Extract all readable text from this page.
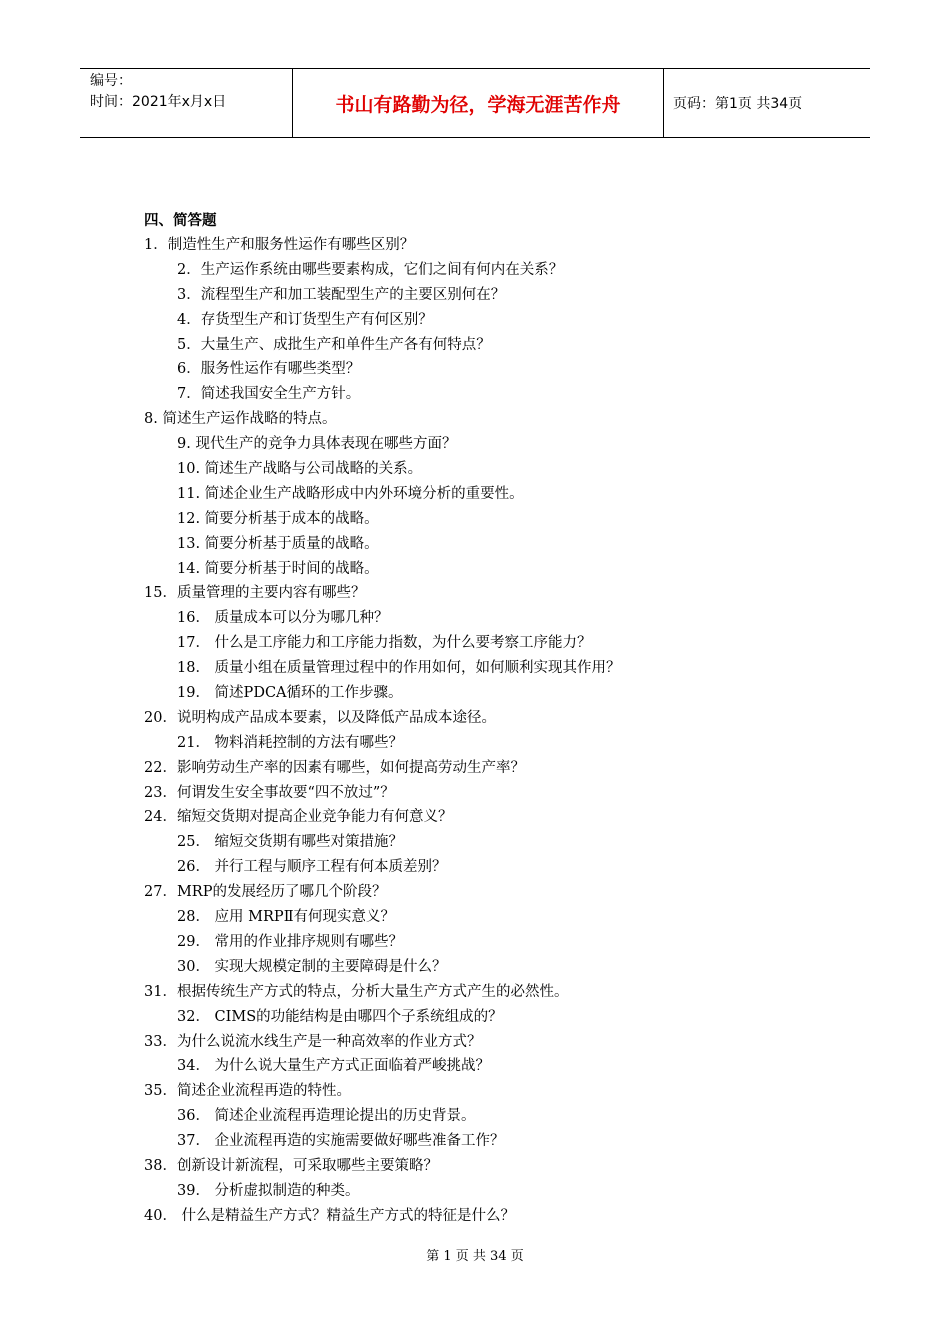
编号：
时间：2021年x月x日	书山有路勤为径，学海无涯苦作舟	页码：第1页 共34页
四、简答题
1．制造性生产和服务性运作有哪些区别？
2．生产运作系统由哪些要素构成，它们之间有何内在关系？
3．流程型生产和加工装配型生产的主要区别何在？
4．存货型生产和订货型生产有何区别？
5．大量生产、成批生产和单件生产各有何特点？
6．服务性运作有哪些类型？
7．简述我国安全生产方针。
8. 简述生产运作战略的特点。
9. 现代生产的竞争力具体表现在哪些方面？
10. 简述生产战略与公司战略的关系。
11. 简述企业生产战略形成中内外环境分析的重要性。
12. 简要分析基于成本的战略。
13. 简要分析基于质量的战略。
14. 简要分析基于时间的战略。
15．质量管理的主要内容有哪些？
16． 质量成本可以分为哪几种？
17． 什么是工序能力和工序能力指数，为什么要考察工序能力？
18． 质量小组在质量管理过程中的作用如何，如何顺利实现其作用？
19． 简述PDCA循环的工作步骤。
20．说明构成产品成本要素，以及降低产品成本途径。
21． 物料消耗控制的方法有哪些？
22．影响劳动生产率的因素有哪些，如何提高劳动生产率？
23．何谓发生安全事故要“四不放过”？
24．缩短交货期对提高企业竞争能力有何意义？
25． 缩短交货期有哪些对策措施？
26． 并行工程与顺序工程有何本质差别？
27．MRP的发展经历了哪几个阶段？
28． 应用 MRPⅡ有何现实意义？
29． 常用的作业排序规则有哪些？
30． 实现大规模定制的主要障碍是什么？
31．根据传统生产方式的特点，分析大量生产方式产生的必然性。
32． CIMS的功能结构是由哪四个子系统组成的？
33．为什么说流水线生产是一种高效率的作业方式？
34． 为什么说大量生产方式正面临着严峻挑战？
35．简述企业流程再造的特性。
36． 简述企业流程再造理论提出的历史背景。
37． 企业流程再造的实施需要做好哪些准备工作？
38．创新设计新流程，可采取哪些主要策略？
39． 分析虚拟制造的种类。
40． 什么是精益生产方式？精益生产方式的特征是什么？
第 1 页 共 34 页
